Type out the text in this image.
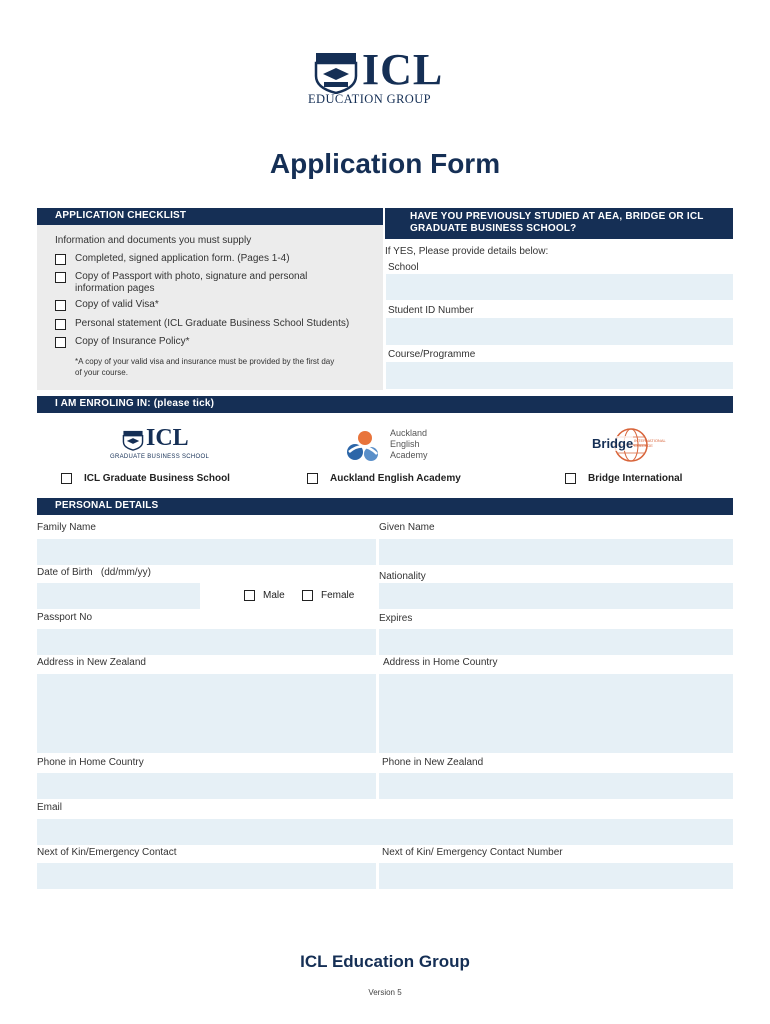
ICL
EDUCATION GROUP
Application Form
APPLICATION CHECKLIST
Information and documents you must supply
Completed, signed application form. (Pages 1-4)
Copy of Passport with photo, signature and personal information pages
Copy of valid Visa*
Personal statement (ICL Graduate Business School Students)
Copy of Insurance Policy*
*A copy of your valid visa and insurance must be provided by the first day of your course.
HAVE YOU PREVIOUSLY STUDIED AT AEA, BRIDGE OR ICL GRADUATE BUSINESS SCHOOL?
If YES, Please provide details below:
School
Student ID Number
Course/Programme
I AM ENROLING IN: (please tick)
ICL
GRADUATE BUSINESS SCHOOL
Auckland
English
Academy
Bridge INTERNATIONAL COLLEGE
ICL Graduate Business School	Auckland English Academy	Bridge International
PERSONAL DETAILS
Family Name	Given Name
Date of Birth   (dd/mm/yy)	Nationality
Male	Female
Passport No	Expires
Address in New Zealand	Address in Home Country
Phone in Home Country	Phone in New Zealand
Email
Next of Kin/Emergency Contact	Next of Kin/ Emergency Contact Number
ICL Education Group
Version 5
